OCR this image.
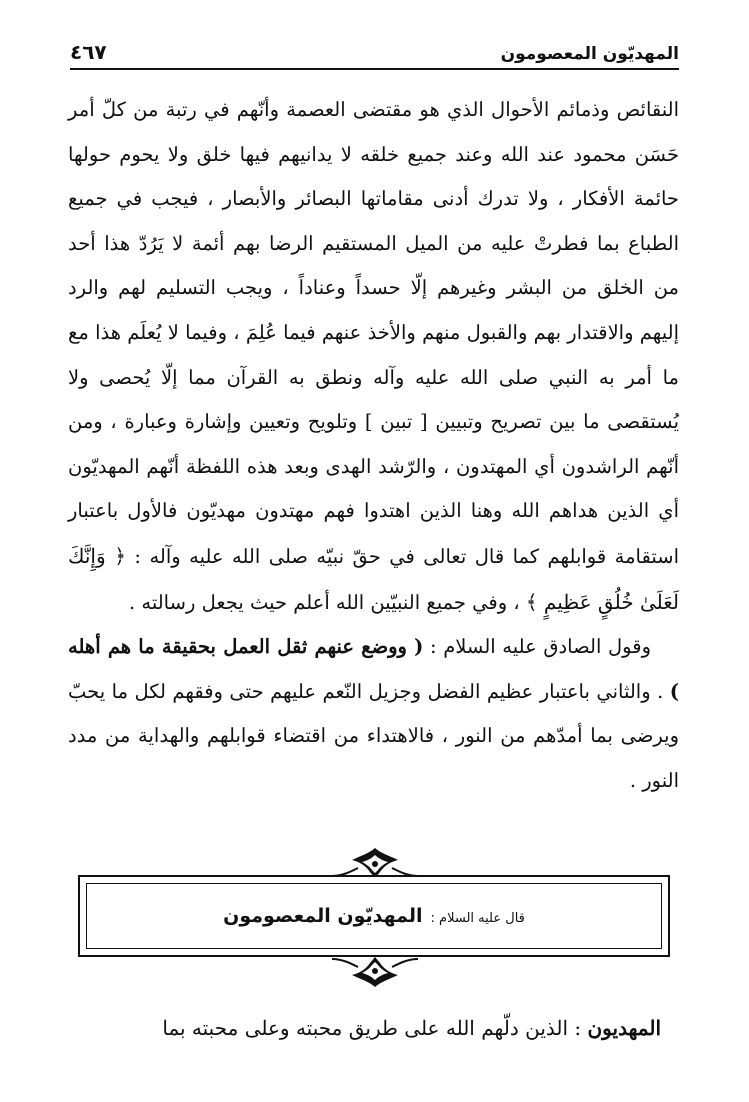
المهديّون المعصومون
٤٦٧

النقائص وذمائم الأحوال الذي هو مقتضى العصمة وأنّهم في رتبة من كلّ أمر حَسَن محمود عند الله وعند جميع خلقه لا يدانيهم فيها خلق ولا يحوم حولها حائمة الأفكار ، ولا تدرك أدنى مقاماتها البصائر والأبصار ، فيجب في جميع الطباع بما فطرتْ عليه من الميل المستقيم الرضا بهم أئمة لا يَرُدّ هذا أحد من الخلق من البشر وغيرهم إلّا حسداً وعناداً ، ويجب التسليم لهم والرد إليهم والاقتدار بهم والقبول منهم والأخذ عنهم فيما عُلِمَ ، وفيما لا يُعلَم هذا مع ما أمر به النبي صلى الله عليه وآله ونطق به القرآن مما إلّا يُحصى ولا يُستقصى ما بين تصريح وتبيين [ تبين ] وتلويح وتعيين وإشارة وعبارة ، ومن أنّهم الراشدون أي المهتدون ، والرّشد الهدى وبعد هذه اللفظة أنّهم المهديّون أي الذين هداهم الله وهنا الذين اهتدوا فهم مهتدون مهديّون فالأول باعتبار استقامة قوابلهم كما قال تعالى في حقّ نبيّه صلى الله عليه وآله : ﴿ وَإِنَّكَ لَعَلَىٰ خُلُقٍ عَظِيمٍ ﴾ ، وفي جميع النبيّين الله أعلم حيث يجعل رسالته .

وقول الصادق عليه السلام : ( ووضع عنهم ثقل العمل بحقيقة ما هم أهله ) . والثاني باعتبار عظيم الفضل وجزيل النّعم عليهم حتى وفقهم لكل ما يحبّ ويرضى بما أمدّهم من النور ، فالاهتداء من اقتضاء قوابلهم والهداية من مدد النور .

قال عليه السلام :
المهديّون المعصومون
المهديون : الذين دلّهم الله على طريق محبته وعلى محبته بما
